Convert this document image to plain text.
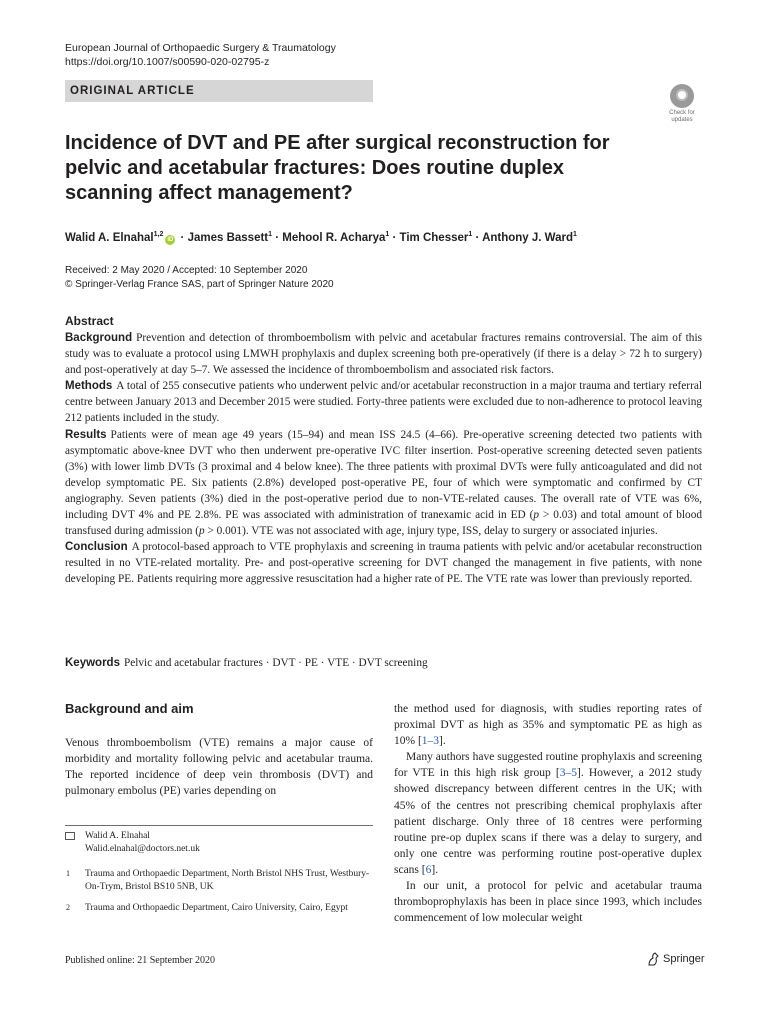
European Journal of Orthopaedic Surgery & Traumatology
https://doi.org/10.1007/s00590-020-02795-z
ORIGINAL ARTICLE
Check for updates
Incidence of DVT and PE after surgical reconstruction for pelvic and acetabular fractures: Does routine duplex scanning affect management?
Walid A. Elnahal$^{1,2}$iD · James Bassett$^1$ · Mehool R. Acharya$^1$ · Tim Chesser$^1$ · Anthony J. Ward$^1$
Received: 2 May 2020 / Accepted: 10 September 2020
© Springer-Verlag France SAS, part of Springer Nature 2020
Abstract

Background Prevention and detection of thromboembolism with pelvic and acetabular fractures remains controversial. The aim of this study was to evaluate a protocol using LMWH prophylaxis and duplex screening both pre-operatively (if there is a delay > 72 h to surgery) and post-operatively at day 5–7. We assessed the incidence of thromboembolism and associated risk factors.

Methods A total of 255 consecutive patients who underwent pelvic and/or acetabular reconstruction in a major trauma and tertiary referral centre between January 2013 and December 2015 were studied. Forty-three patients were excluded due to non-adherence to protocol leaving 212 patients included in the study.

Results Patients were of mean age 49 years (15–94) and mean ISS 24.5 (4–66). Pre-operative screening detected two patients with asymptomatic above-knee DVT who then underwent pre-operative IVC filter insertion. Post-operative screening detected seven patients (3%) with lower limb DVTs (3 proximal and 4 below knee). The three patients with proximal DVTs were fully anticoagulated and did not develop symptomatic PE. Six patients (2.8%) developed post-operative PE, four of which were symptomatic and confirmed by CT angiography. Seven patients (3%) died in the post-operative period due to non-VTE-related causes. The overall rate of VTE was 6%, including DVT 4% and PE 2.8%. PE was associated with administration of tranexamic acid in ED (p > 0.03) and total amount of blood transfused during admission (p > 0.001). VTE was not associated with age, injury type, ISS, delay to surgery or associated injuries.

Conclusion A protocol-based approach to VTE prophylaxis and screening in trauma patients with pelvic and/or acetabular reconstruction resulted in no VTE-related mortality. Pre- and post-operative screening for DVT changed the management in five patients, with none developing PE. Patients requiring more aggressive resuscitation had a higher rate of PE. The VTE rate was lower than previously reported.

Keywords Pelvic and acetabular fractures · DVT · PE · VTE · DVT screening
Background and aim

Venous thromboembolism (VTE) remains a major cause of morbidity and mortality following pelvic and acetabular trauma. The reported incidence of deep vein thrombosis (DVT) and pulmonary embolus (PE) varies depending on

the method used for diagnosis, with studies reporting rates of proximal DVT as high as 35% and symptomatic PE as high as 10% [1–3].

Many authors have suggested routine prophylaxis and screening for VTE in this high risk group [3–5]. However, a 2012 study showed discrepancy between different centres in the UK; with 45% of the centres not prescribing chemical prophylaxis after patient discharge. Only three of 18 centres were performing routine pre-op duplex scans if there was a delay to surgery, and only one centre was performing routine post-operative duplex scans [6].

In our unit, a protocol for pelvic and acetabular trauma thromboprophylaxis has been in place since 1993, which includes commencement of low molecular weight

Walid A. Elnahal
Walid.elnahal@doctors.net.uk
1 Trauma and Orthopaedic Department, North Bristol NHS Trust, Westbury-On-Trym, Bristol BS10 5NB, UK
2 Trauma and Orthopaedic Department, Cairo University, Cairo, Egypt
Published online: 21 September 2020	Springer
